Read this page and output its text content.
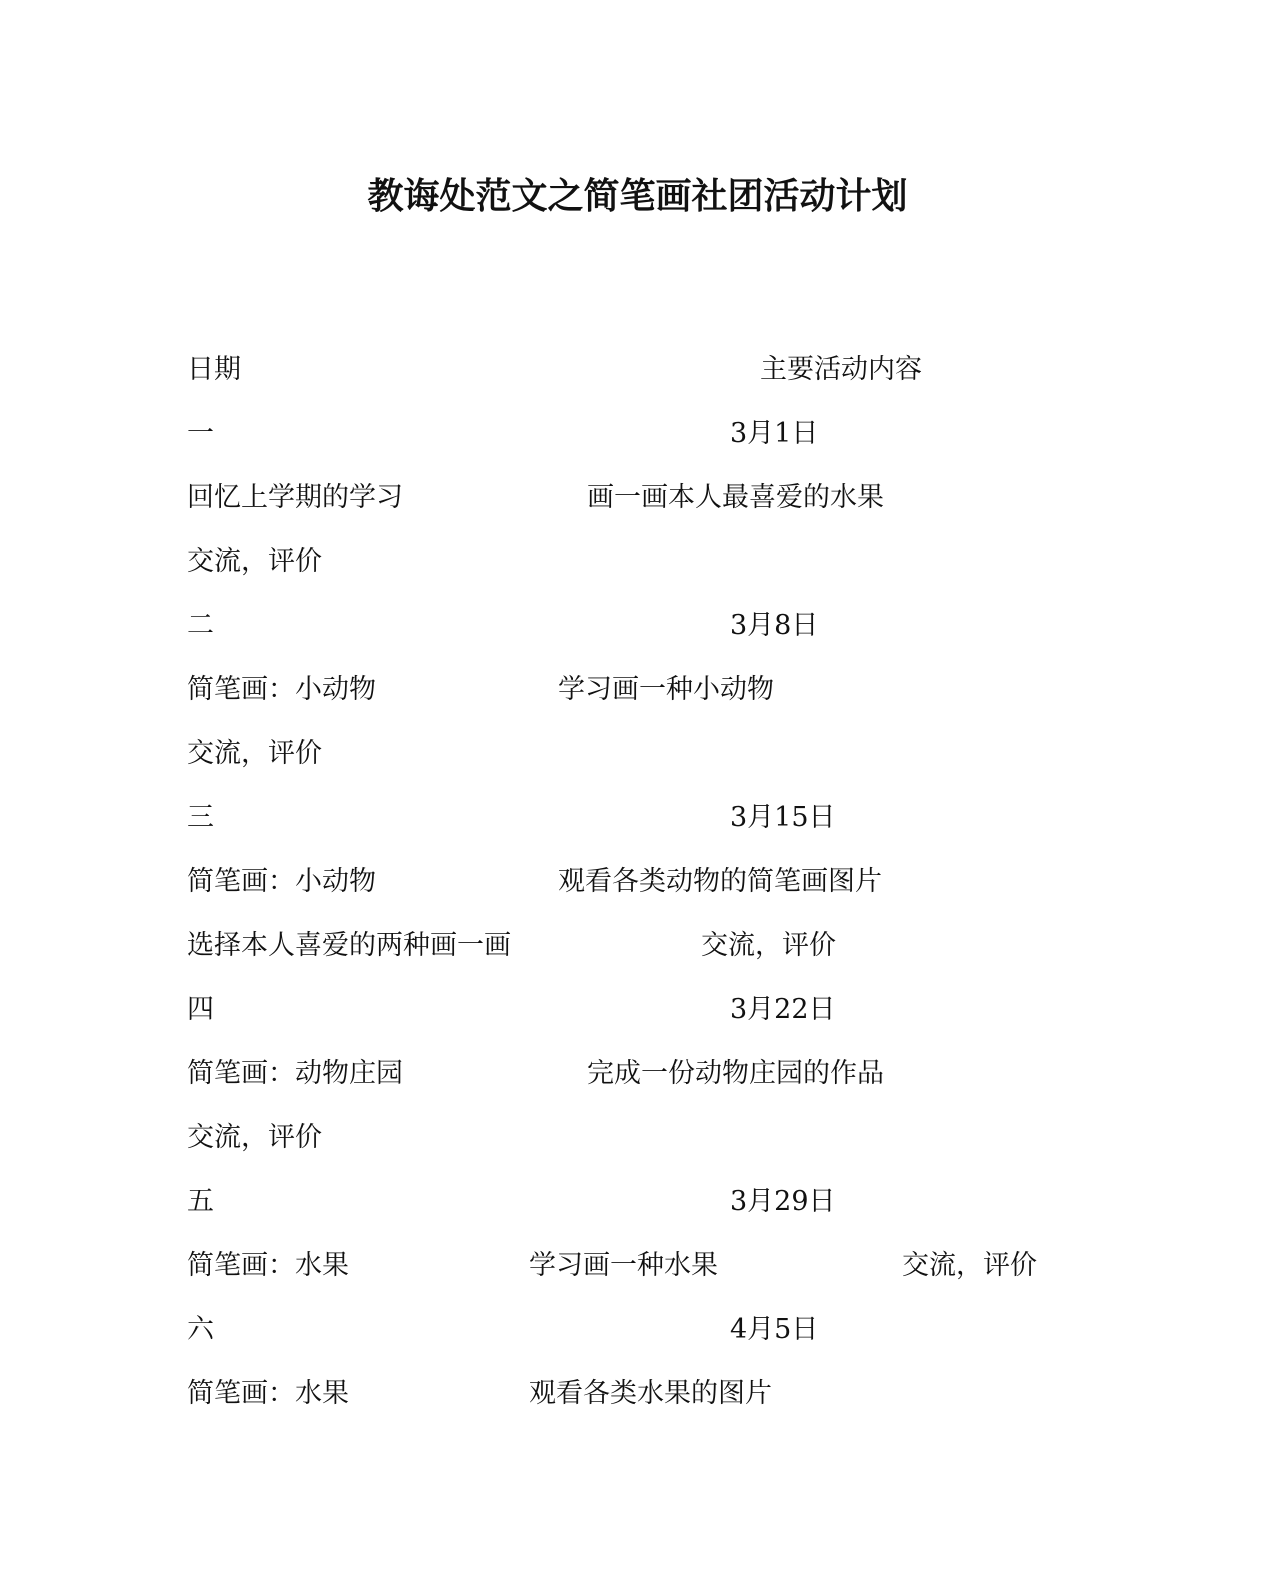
教诲处范文之简笔画社团活动计划
日期	主要活动内容
一	3月1日
回忆上学期的学习	画一画本人最喜爱的水果
交流，评价
二	3月8日
简笔画：小动物	学习画一种小动物
交流，评价
三	3月15日
简笔画：小动物	观看各类动物的简笔画图片
选择本人喜爱的两种画一画	交流，评价
四	3月22日
简笔画：动物庄园	完成一份动物庄园的作品
交流，评价
五	3月29日
简笔画：水果	学习画一种水果	交流，评价
六	4月5日
简笔画：水果	观看各类水果的图片
